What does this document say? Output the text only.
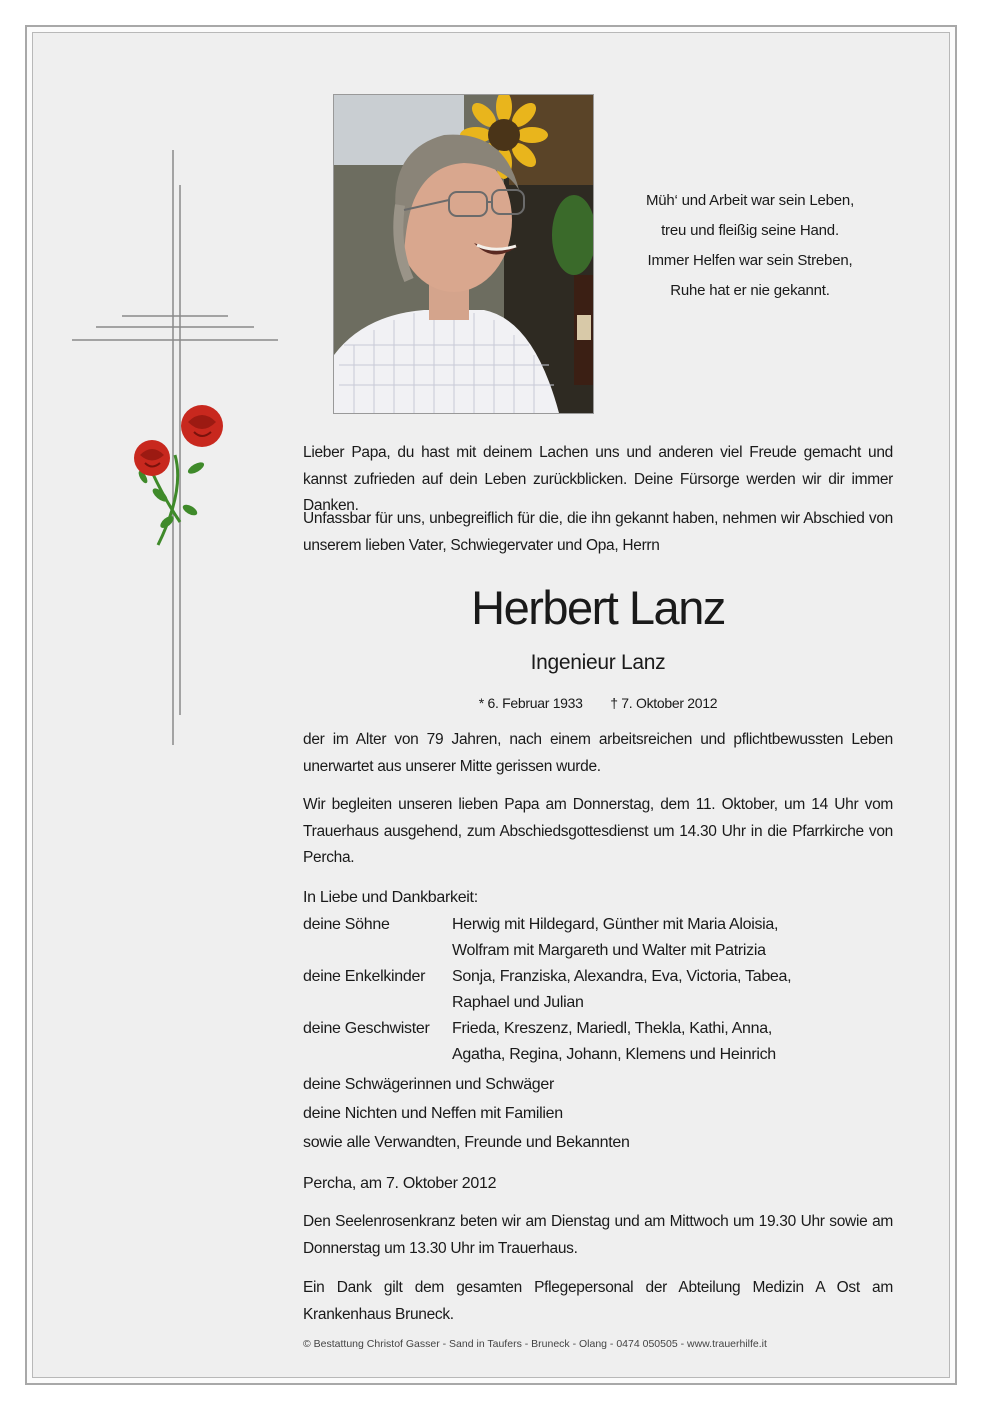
Müh‘ und Arbeit war sein Leben,
treu und fleißig seine Hand.
Immer Helfen war sein Streben,
Ruhe hat er nie gekannt.
Lieber Papa, du hast mit deinem Lachen uns und anderen viel Freude gemacht und kannst zufrieden auf dein Leben zurückblicken. Deine Fürsorge werden wir dir immer Danken.
Unfassbar für uns, unbegreiflich für die, die ihn gekannt haben, nehmen wir Abschied von unserem lieben Vater, Schwiegervater und Opa, Herrn
Herbert Lanz
Ingenieur Lanz
* 6. Februar 1933 † 7. Oktober 2012
der im Alter von 79 Jahren, nach einem arbeitsreichen und pflichtbewussten Leben unerwartet aus unserer Mitte gerissen wurde.
Wir begleiten unseren lieben Papa am Donnerstag, dem 11. Oktober, um 14 Uhr vom Trauerhaus ausgehend, zum Abschiedsgottesdienst um 14.30 Uhr in die Pfarrkirche von Percha.
In Liebe und Dankbarkeit:
deine Söhne	Herwig mit Hildegard, Günther mit Maria Aloisia,
Wolfram mit Margareth und Walter mit Patrizia
deine Enkelkinder	Sonja, Franziska, Alexandra, Eva, Victoria, Tabea,
Raphael und Julian
deine Geschwister	Frieda, Kreszenz, Mariedl, Thekla, Kathi, Anna,
Agatha, Regina, Johann, Klemens und Heinrich
deine Schwägerinnen und Schwäger
deine Nichten und Neffen mit Familien
sowie alle Verwandten, Freunde und Bekannten
Percha, am 7. Oktober 2012
Den Seelenrosenkranz beten wir am Dienstag und am Mittwoch um 19.30 Uhr sowie am Donnerstag um 13.30 Uhr im Trauerhaus.
Ein Dank gilt dem gesamten Pflegepersonal der Abteilung Medizin A Ost am Krankenhaus Bruneck.
© Bestattung Christof Gasser - Sand in Taufers - Bruneck - Olang - 0474 050505 - www.trauerhilfe.it
